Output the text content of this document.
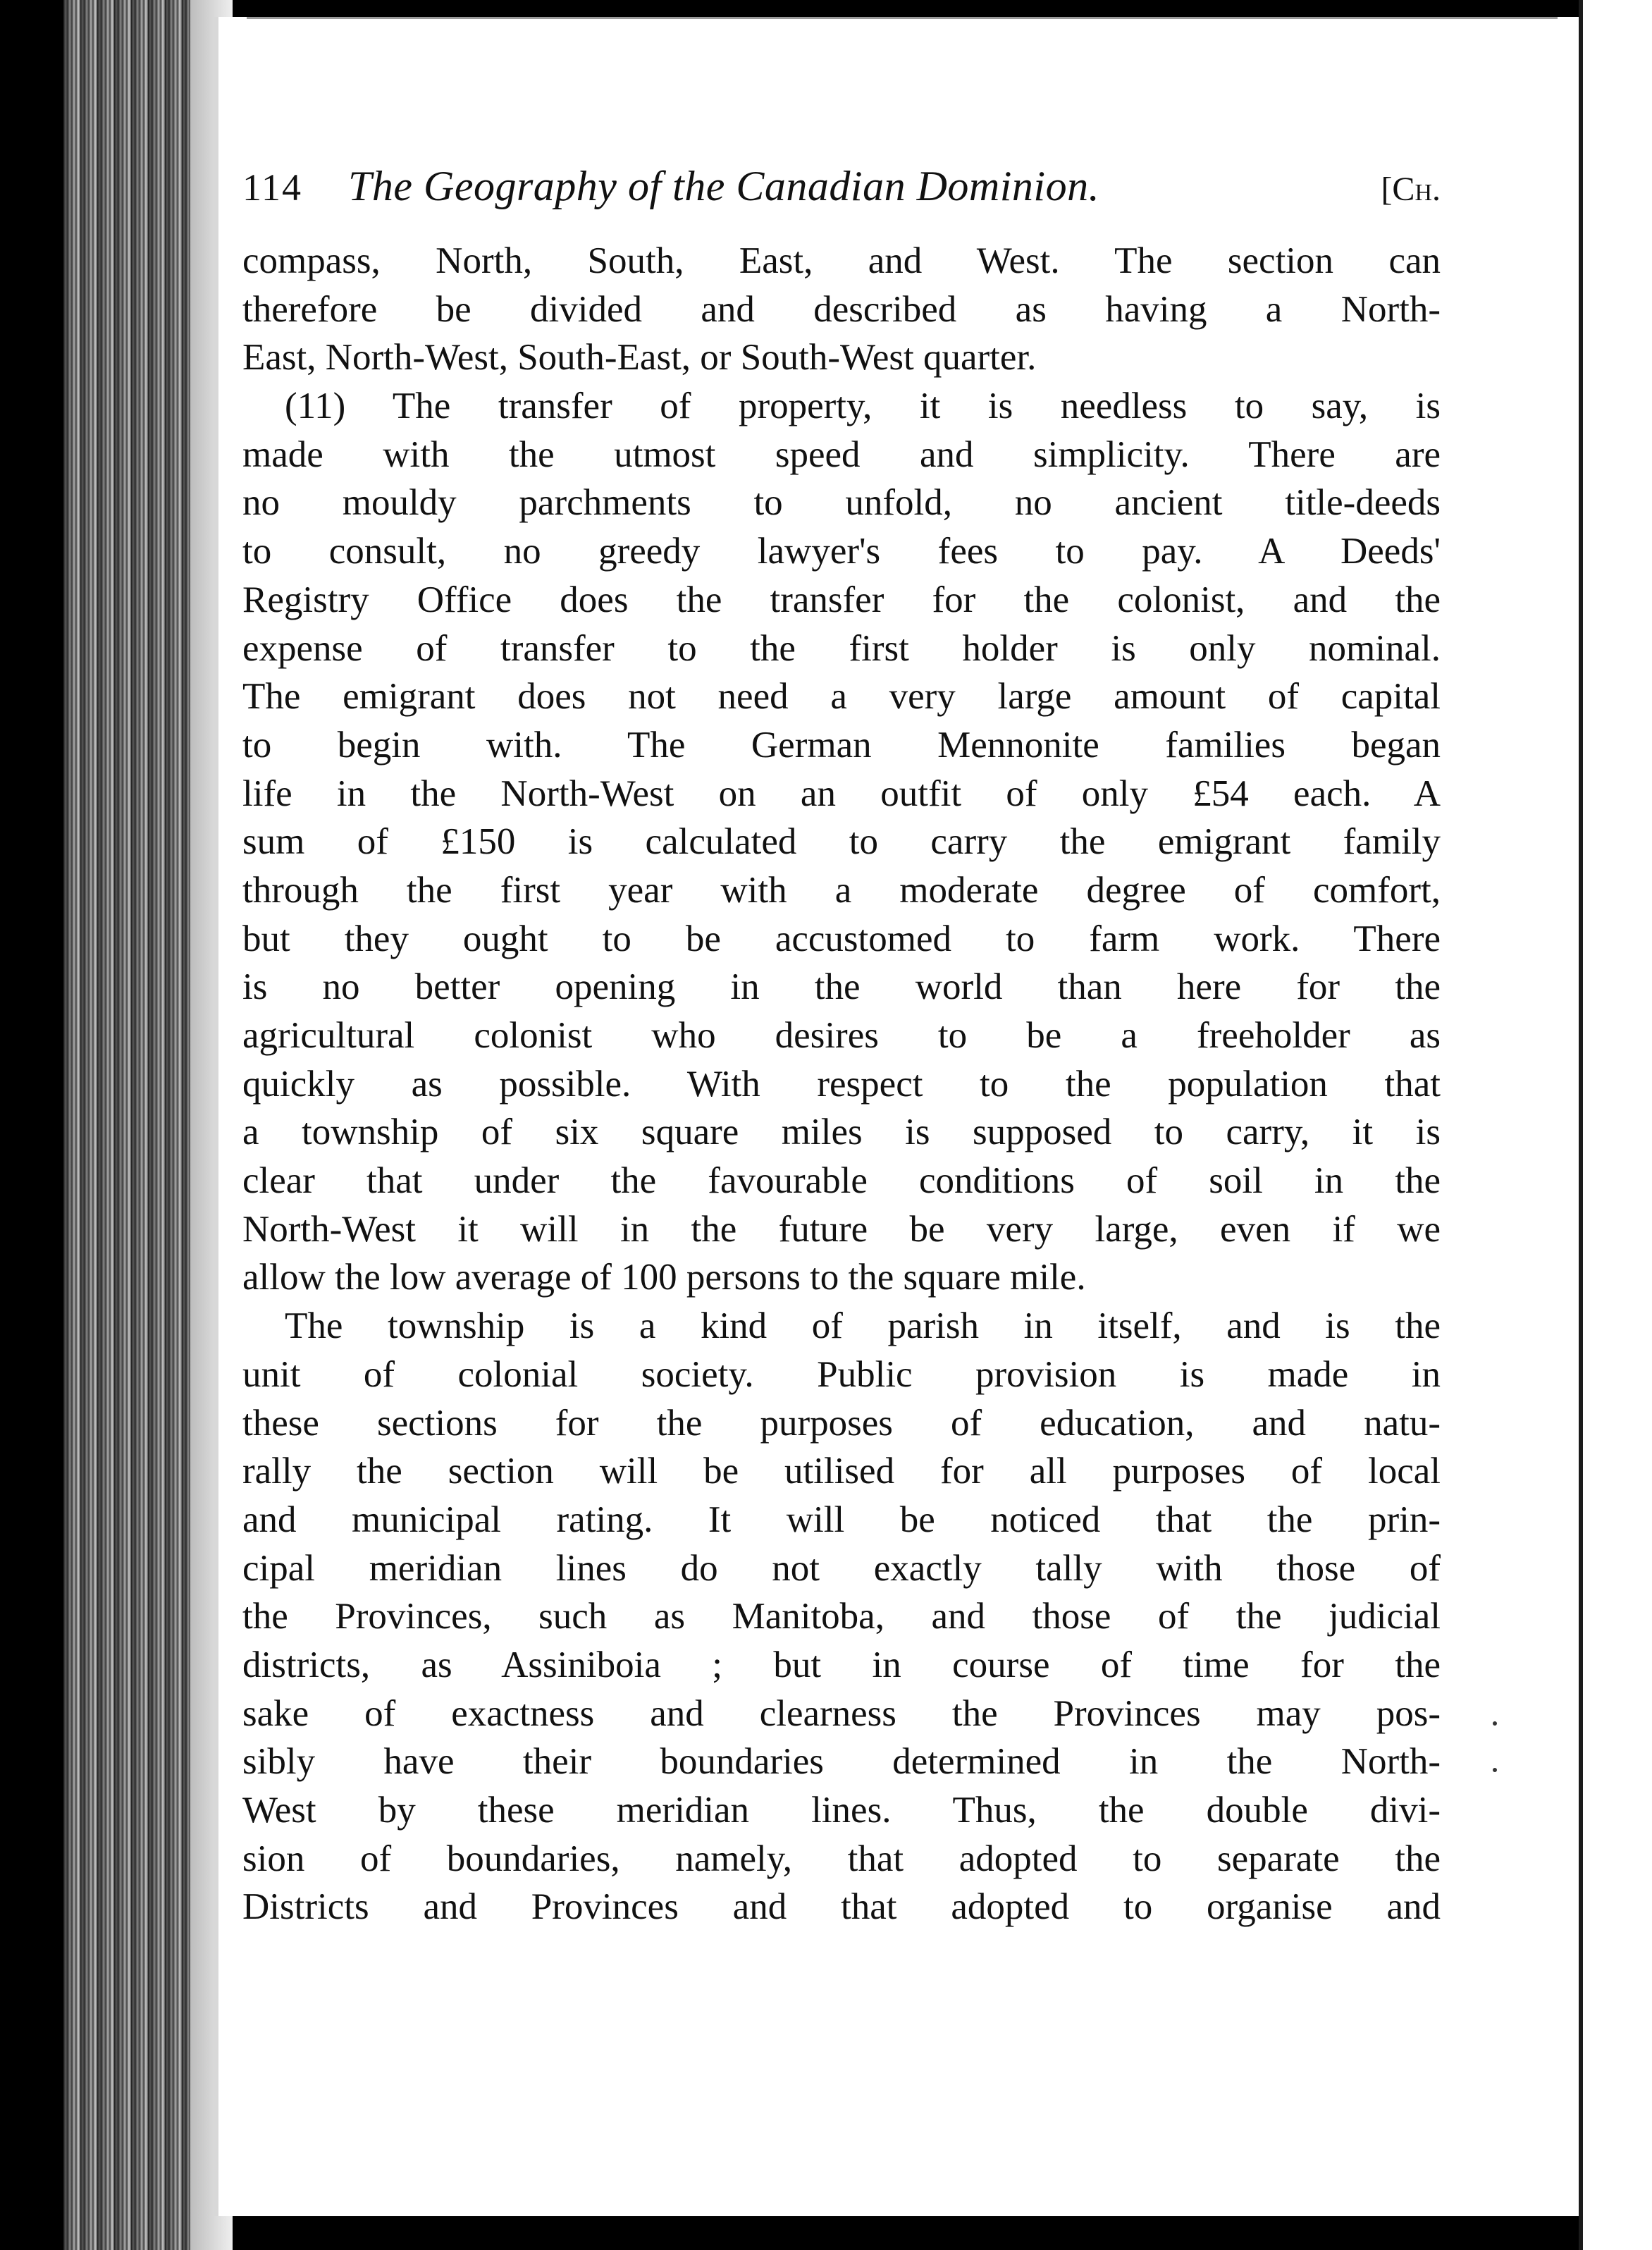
114	The Geography of the Canadian Dominion.	[Ch.
compass, North, South, East, and West. The section can
therefore be divided and described as having a North-
East, North-West, South-East, or South-West quarter.
(11) The transfer of property, it is needless to say, is
made with the utmost speed and simplicity. There are
no mouldy parchments to unfold, no ancient title-deeds
to consult, no greedy lawyer's fees to pay. A Deeds'
Registry Office does the transfer for the colonist, and the
expense of transfer to the first holder is only nominal.
The emigrant does not need a very large amount of capital
to begin with. The German Mennonite families began
life in the North-West on an outfit of only £54 each. A
sum of £150 is calculated to carry the emigrant family
through the first year with a moderate degree of comfort,
but they ought to be accustomed to farm work. There
is no better opening in the world than here for the
agricultural colonist who desires to be a freeholder as
quickly as possible. With respect to the population that
a township of six square miles is supposed to carry, it is
clear that under the favourable conditions of soil in the
North-West it will in the future be very large, even if we
allow the low average of 100 persons to the square mile.
The township is a kind of parish in itself, and is the
unit of colonial society. Public provision is made in
these sections for the purposes of education, and natu-
rally the section will be utilised for all purposes of local
and municipal rating. It will be noticed that the prin-
cipal meridian lines do not exactly tally with those of
the Provinces, such as Manitoba, and those of the judicial
districts, as Assiniboia ; but in course of time for the
sake of exactness and clearness the Provinces may pos-
sibly have their boundaries determined in the North-
West by these meridian lines. Thus, the double divi-
sion of boundaries, namely, that adopted to separate the
Districts and Provinces and that adopted to organise and
